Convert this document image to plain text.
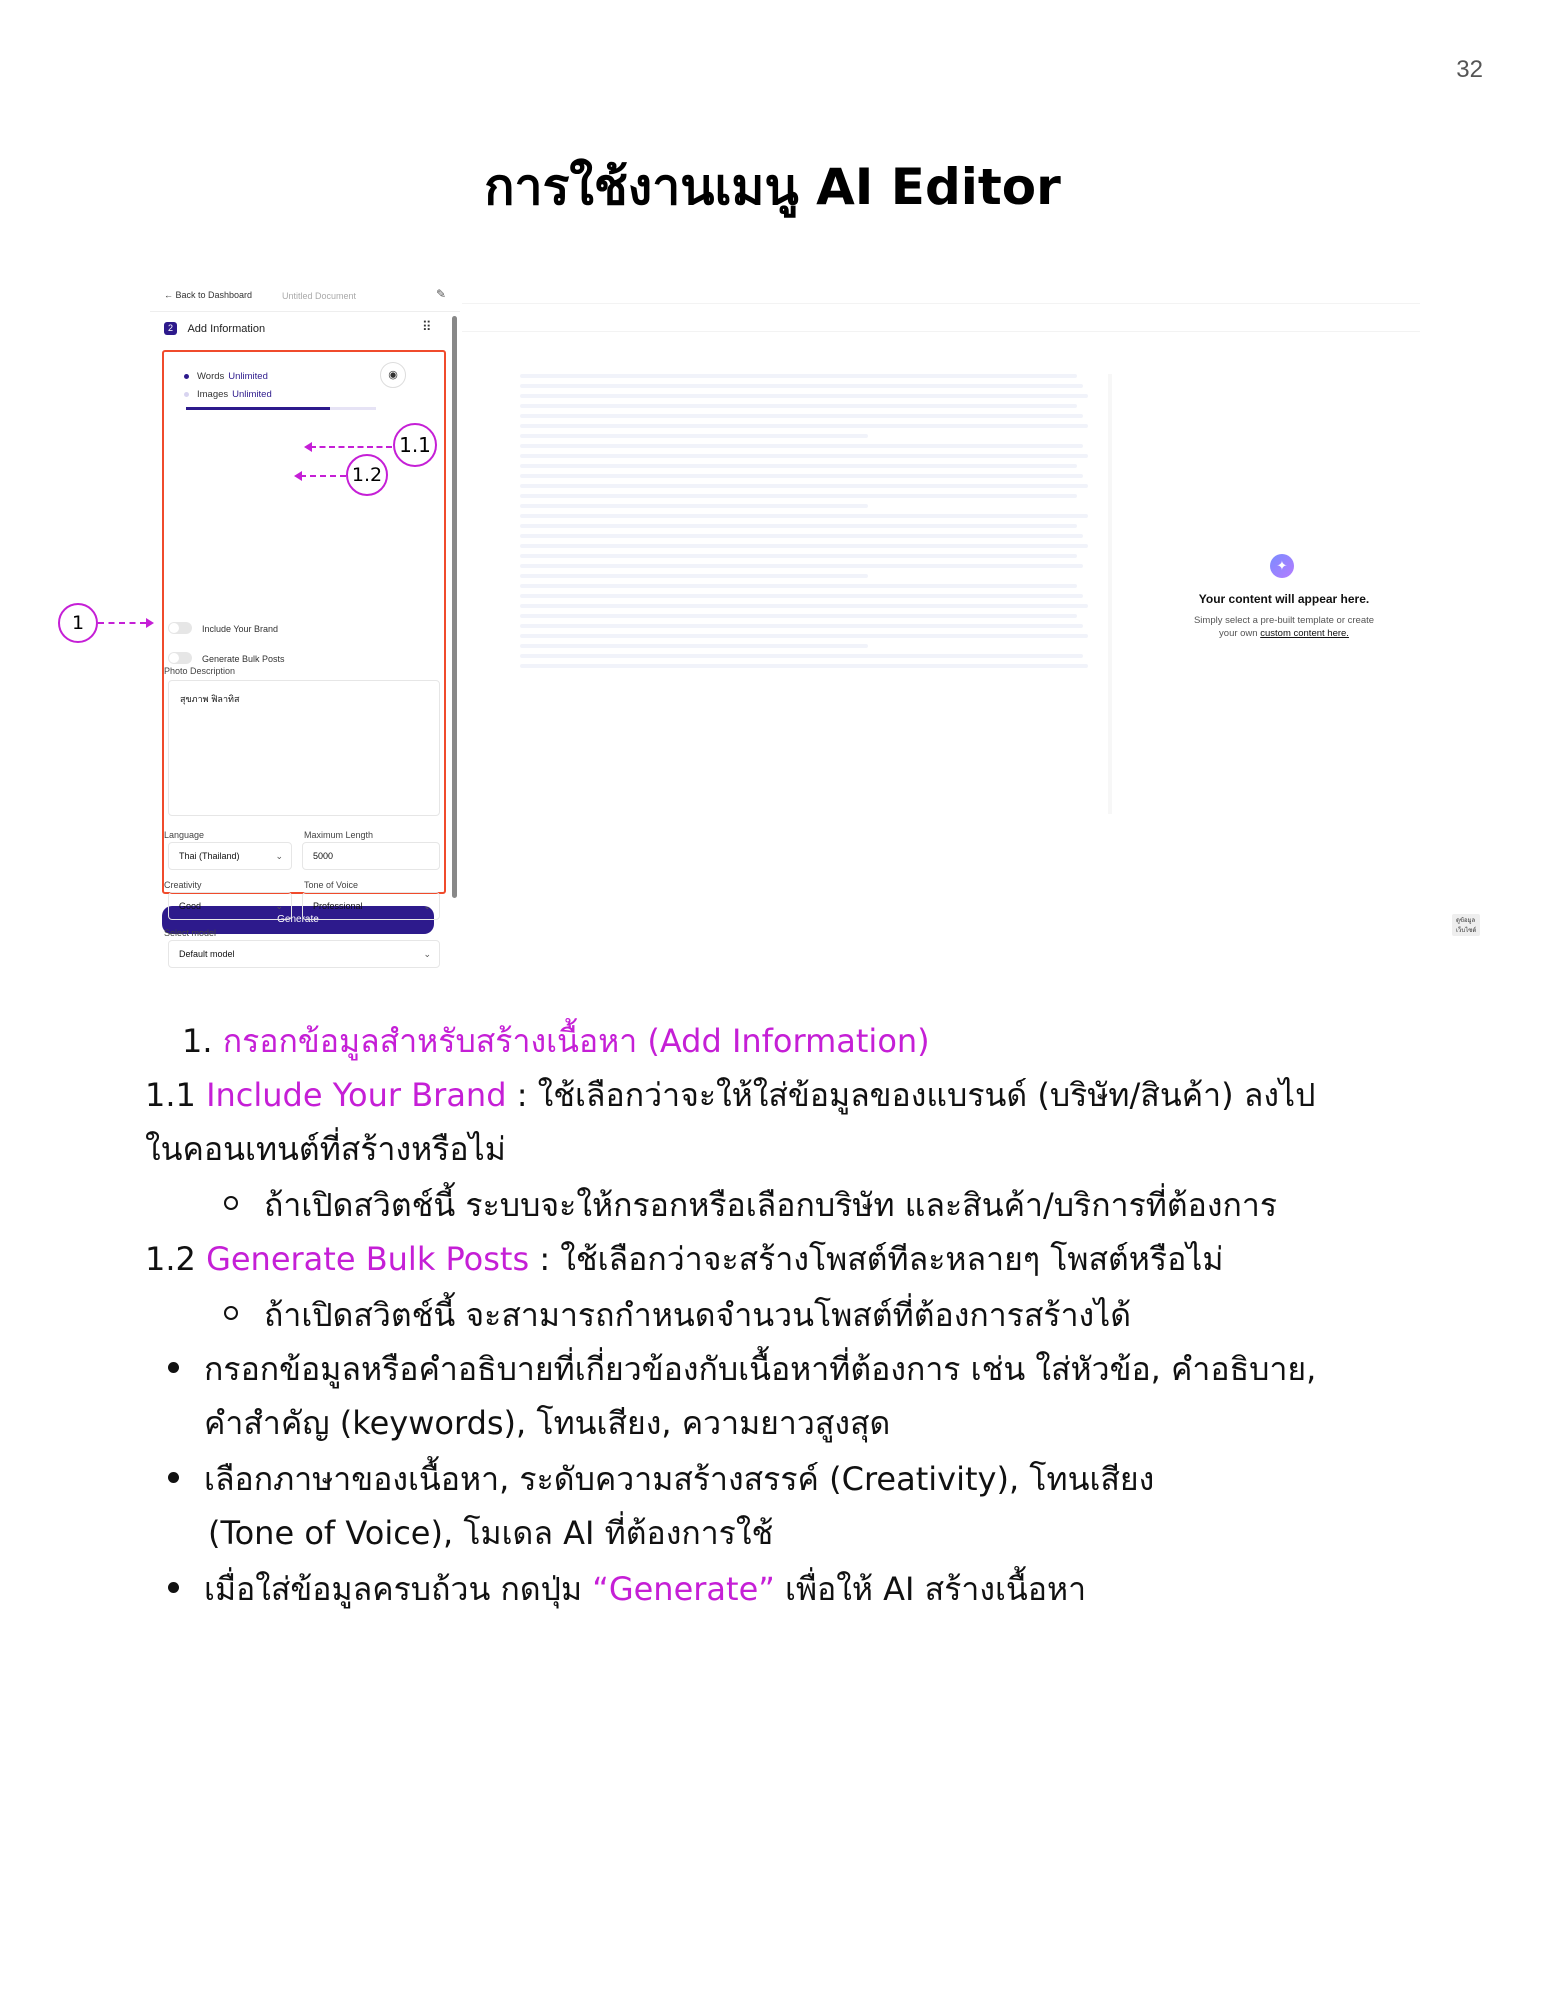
32
การใช้งานเมนู AI Editor
← Back to Dashboard	Untitled Document	✎
2 Add Information	⠿
Words Unlimited
Images Unlimited
◉
Include Your Brand
Generate Bulk Posts
Photo Description
สุขภาพ ฟิลาทิส
Language	Maximum Length
Thai (Thailand)	⌄	5000
Creativity	Tone of Voice
Generate
Professional	⌄
Select model
Default model	⌄
✦
Your content will appear here.
Simply select a pre-built template or create
your own custom content here.
ดูข้อมูลเว็บไซต์
Good	⌄
1.1
1.2
1
1. กรอกข้อมูลสำหรับสร้างเนื้อหา (Add Information)
1.1 Include Your Brand : ใช้เลือกว่าจะให้ใส่ข้อมูลของแบรนด์ (บริษัท/สินค้า) ลงไป
ในคอนเทนต์ที่สร้างหรือไม่
ถ้าเปิดสวิตช์นี้ ระบบจะให้กรอกหรือเลือกบริษัท และสินค้า/บริการที่ต้องการ
1.2 Generate Bulk Posts : ใช้เลือกว่าจะสร้างโพสต์ทีละหลายๆ โพสต์หรือไม่
ถ้าเปิดสวิตช์นี้ จะสามารถกำหนดจำนวนโพสต์ที่ต้องการสร้างได้
กรอกข้อมูลหรือคำอธิบายที่เกี่ยวข้องกับเนื้อหาที่ต้องการ เช่น ใส่หัวข้อ, คำอธิบาย,
คำสำคัญ (keywords), โทนเสียง, ความยาวสูงสุด
เลือกภาษาของเนื้อหา, ระดับความสร้างสรรค์ (Creativity), โทนเสียง
(Tone of Voice), โมเดล AI ที่ต้องการใช้
เมื่อใส่ข้อมูลครบถ้วน กดปุ่ม “Generate” เพื่อให้ AI สร้างเนื้อหา
